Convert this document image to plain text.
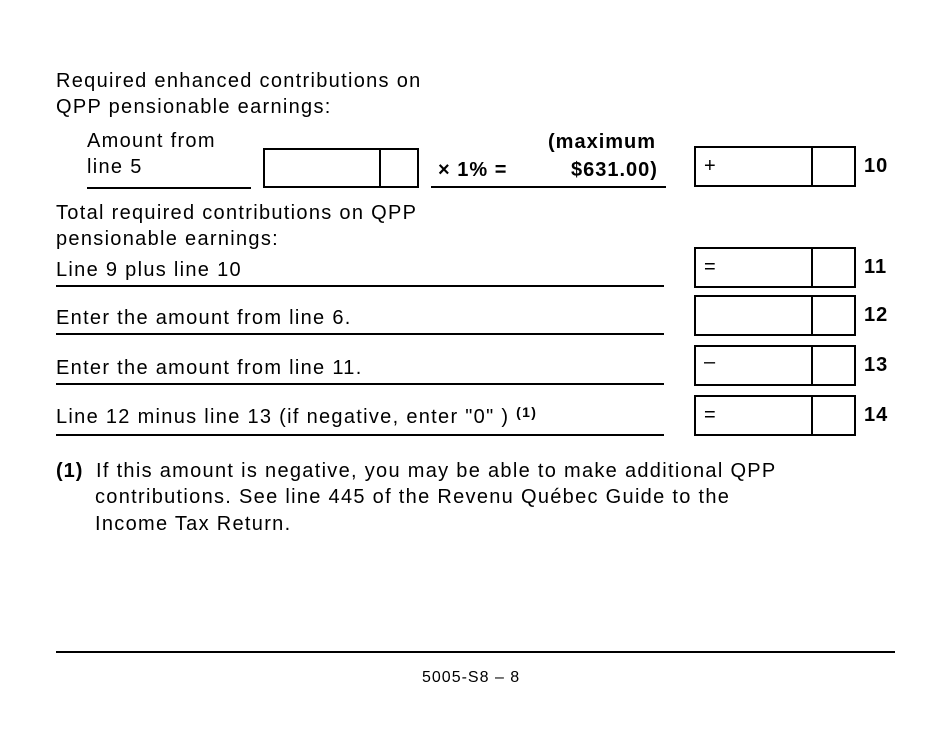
Required enhanced contributions on
QPP pensionable earnings:
Amount from
line 5	× 1% =
(maximum
$631.00) +	10
Total required contributions on QPP
pensionable earnings:
Line 9 plus line 10	=	11
Enter the amount from line 6.	12
Enter the amount from line 11.	–	13
Line 12 minus line 13 (if negative, enter "0" ) $^{(1)}$	=	14
(1) If this amount is negative, you may be able to make additional QPP
contributions. See line 445 of the Revenu Québec Guide to the
Income Tax Return.
5005-S8 – 8
